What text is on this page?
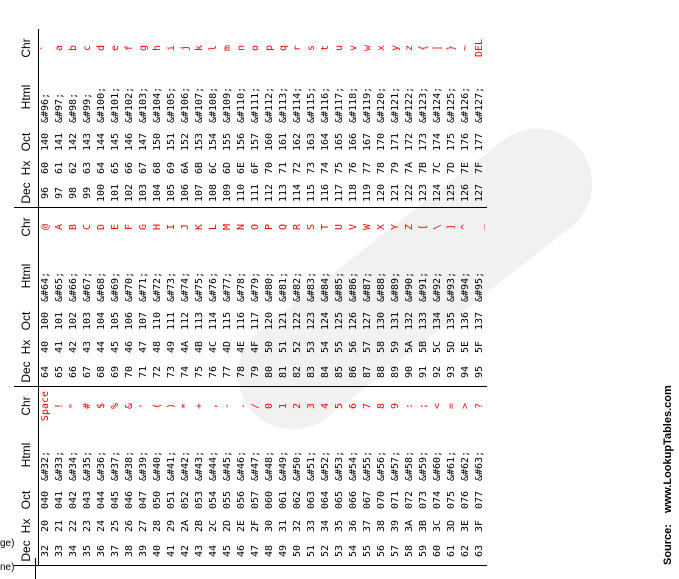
ge)
ne)
Dec	Hx	Oct	Html	Chr	Dec	Hx	Oct	Html	Chr	Dec	Hx	Oct	Html	Chr
32	20	040	&#32;	Space	64	40	100	&#64;	@	96	60	140	&#96;	`
33	21	041	&#33;	!	65	41	101	&#65;	A	97	61	141	&#97;	a
34	22	042	&#34;	"	66	42	102	&#66;	B	98	62	142	&#98;	b
35	23	043	&#35;	#	67	43	103	&#67;	C	99	63	143	&#99;	c
36	24	044	&#36;	$	68	44	104	&#68;	D	100	64	144	&#100;	d
37	25	045	&#37;	%	69	45	105	&#69;	E	101	65	145	&#101;	e
38	26	046	&#38;	&	70	46	106	&#70;	F	102	66	146	&#102;	f
39	27	047	&#39;	'	71	47	107	&#71;	G	103	67	147	&#103;	g
40	28	050	&#40;	(	72	48	110	&#72;	H	104	68	150	&#104;	h
41	29	051	&#41;	)	73	49	111	&#73;	I	105	69	151	&#105;	i
42	2A	052	&#42;	*	74	4A	112	&#74;	J	106	6A	152	&#106;	j
43	2B	053	&#43;	+	75	4B	113	&#75;	K	107	6B	153	&#107;	k
44	2C	054	&#44;	,	76	4C	114	&#76;	L	108	6C	154	&#108;	l
45	2D	055	&#45;	-	77	4D	115	&#77;	M	109	6D	155	&#109;	m
46	2E	056	&#46;	.	78	4E	116	&#78;	N	110	6E	156	&#110;	n
47	2F	057	&#47;	/	79	4F	117	&#79;	O	111	6F	157	&#111;	o
48	30	060	&#48;	0	80	50	120	&#80;	P	112	70	160	&#112;	p
49	31	061	&#49;	1	81	51	121	&#81;	Q	113	71	161	&#113;	q
50	32	062	&#50;	2	82	52	122	&#82;	R	114	72	162	&#114;	r
51	33	063	&#51;	3	83	53	123	&#83;	S	115	73	163	&#115;	s
52	34	064	&#52;	4	84	54	124	&#84;	T	116	74	164	&#116;	t
53	35	065	&#53;	5	85	55	125	&#85;	U	117	75	165	&#117;	u
54	36	066	&#54;	6	86	56	126	&#86;	V	118	76	166	&#118;	v
55	37	067	&#55;	7	87	57	127	&#87;	W	119	77	167	&#119;	w
56	38	070	&#56;	8	88	58	130	&#88;	X	120	78	170	&#120;	x
57	39	071	&#57;	9	89	59	131	&#89;	Y	121	79	171	&#121;	y
58	3A	072	&#58;	:	90	5A	132	&#90;	Z	122	7A	172	&#122;	z
59	3B	073	&#59;	;	91	5B	133	&#91;	[	123	7B	173	&#123;	{
60	3C	074	&#60;	<	92	5C	134	&#92;	\	124	7C	174	&#124;	|
61	3D	075	&#61;	=	93	5D	135	&#93;	]	125	7D	175	&#125;	}
62	3E	076	&#62;	>	94	5E	136	&#94;	^	126	7E	176	&#126;	~
63	3F	077	&#63;	?	95	5F	137	&#95;	_	127	7F	177	&#127;	DEL
Source: www.LookupTables.com
